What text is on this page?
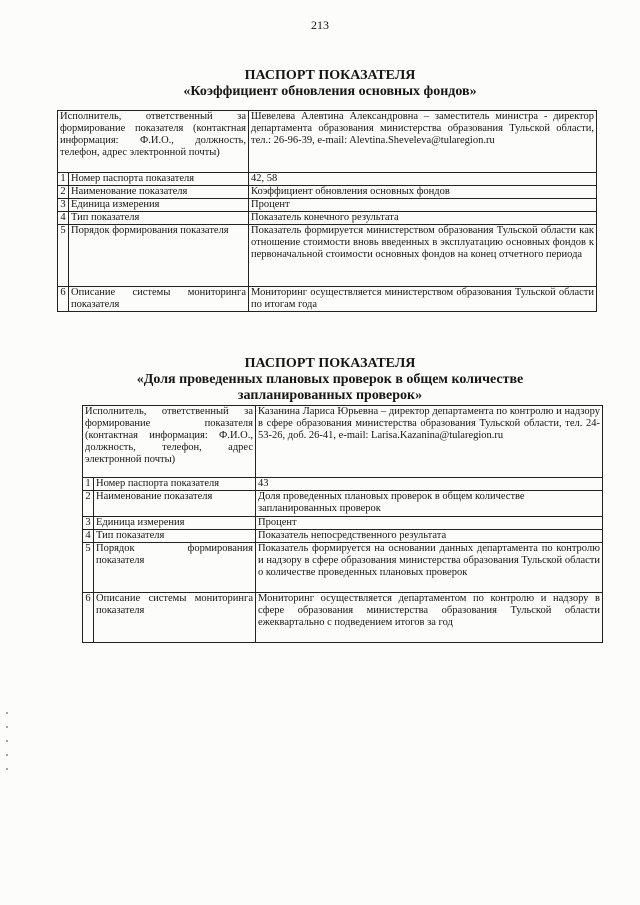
213
ПАСПОРТ ПОКАЗАТЕЛЯ
«Коэффициент обновления основных фондов»
Исполнитель, ответственный за формирование показателя (контактная информация: Ф.И.О., должность, телефон, адрес электронной почты)		Шевелева Алевтина Александровна – заместитель министра - директор департамента образования министерства образования Тульской области, тел.: 26-96-39, e-mail: Alevtina.Sheveleva@tularegion.ru
1	Номер паспорта показателя	42, 58
2	Наименование показателя	Коэффициент обновления основных фондов
3	Единица измерения	Процент
4	Тип показателя	Показатель конечного результата
5	Порядок формирования показателя	Показатель формируется министерством образования Тульской области как отношение стоимости вновь введенных в эксплуатацию основных фондов к первоначальной стоимости основных фондов на конец отчетного периода
6	Описание системы мониторинга показателя	Мониторинг осуществляется министерством образования Тульской области по итогам года
ПАСПОРТ ПОКАЗАТЕЛЯ
«Доля проведенных плановых проверок в общем количестве запланированных проверок»
Исполнитель, ответственный за формирование показателя (контактная информация: Ф.И.О., должность, телефон, адрес электронной почты)		Казанина Лариса Юрьевна – директор департамента по контролю и надзору в сфере образования министерства образования Тульской области, тел. 24-53-26, доб. 26-41, e-mail: Larisa.Kazanina@tularegion.ru
1	Номер паспорта показателя	43
2	Наименование показателя	Доля проведенных плановых проверок в общем количестве запланированных проверок
3	Единица измерения	Процент
4	Тип показателя	Показатель непосредственного результата
5	Порядок формирования показателя	Показатель формируется на основании данных департамента по контролю и надзору в сфере образования министерства образования Тульской области о количестве проведенных плановых проверок
6	Описание системы мониторинга показателя	Мониторинг осуществляется департаментом по контролю и надзору в сфере образования министерства образования Тульской области ежеквартально с подведением итогов за год
